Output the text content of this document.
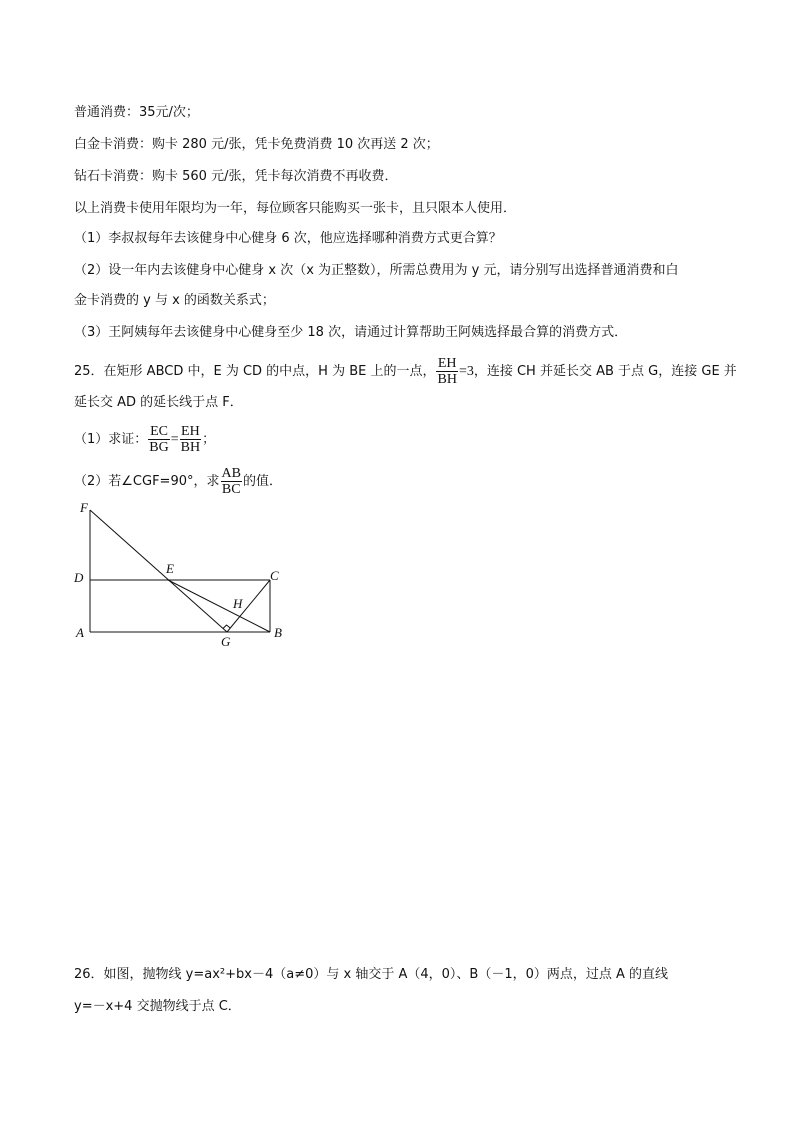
普通消费：35元/次；
白金卡消费：购卡 280 元/张，凭卡免费消费 10 次再送 2 次；
钻石卡消费：购卡 560 元/张，凭卡每次消费不再收费．
以上消费卡使用年限均为一年，每位顾客只能购买一张卡，且只限本人使用．
（1）李叔叔每年去该健身中心健身 6 次，他应选择哪种消费方式更合算？
（2）设一年内去该健身中心健身 x 次（x 为正整数），所需总费用为 y 元，请分别写出选择普通消费和白
金卡消费的 y 与 x 的函数关系式；
（3）王阿姨每年去该健身中心健身至少 18 次，请通过计算帮助王阿姨选择最合算的消费方式．
25．在矩形 ABCD 中，E 为 CD 的中点，H 为 BE 上的一点， $\frac{EH}{BH} =3$，连接 CH 并延长交 AB 于点 G，连接 GE 并
延长交 AD 的延长线于点 F．
（1）求证： $\frac{EC}{BG} = \frac{EH}{BH}$ ；
（2）若∠CGF=90°，求 $\frac{AB}{BC}$ 的值．
F
D
E	C
H
A
G
B
26．如图，抛物线 y=ax²+bx－4（a≠0）与 x 轴交于 A（4，0）、B（－1，0）两点，过点 A 的直线
y=－x+4 交抛物线于点 C．
